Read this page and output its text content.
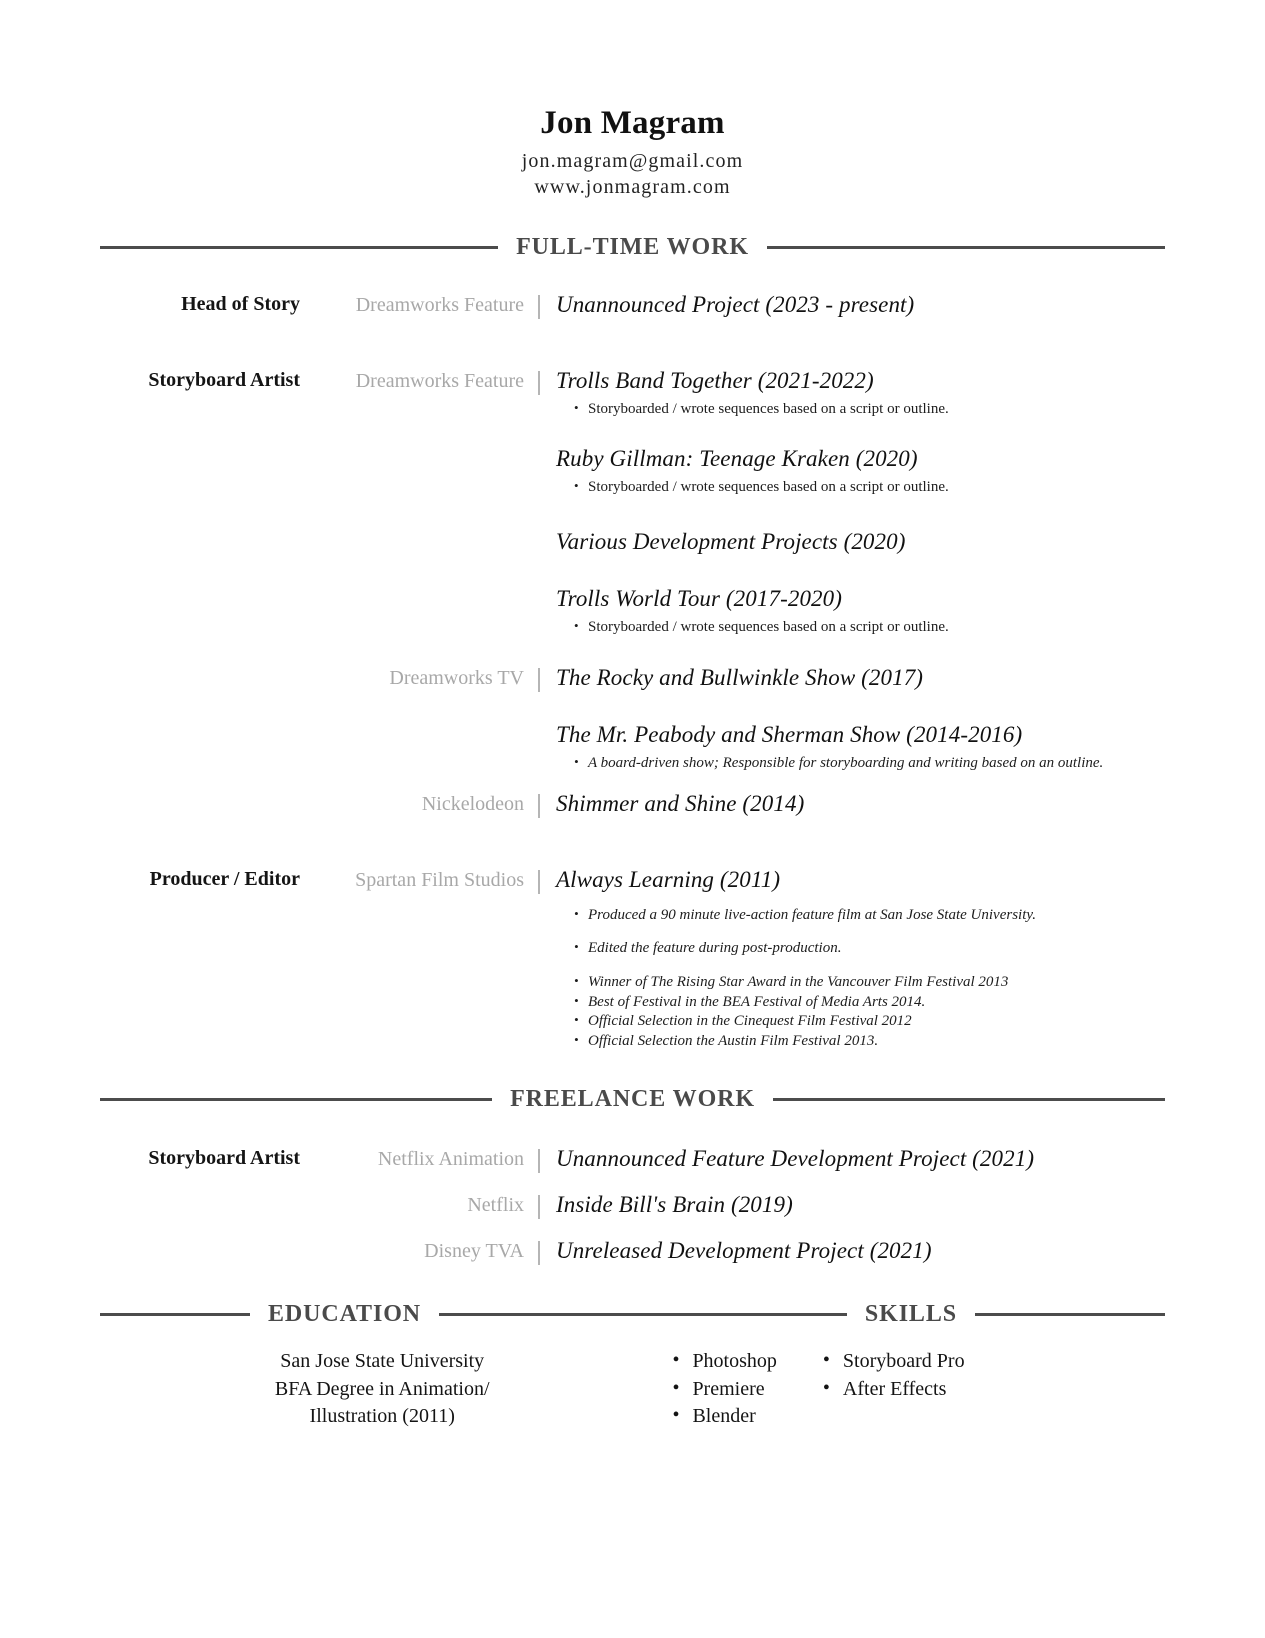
Jon Magram
jon.magram@gmail.com
www.jonmagram.com
FULL-TIME WORK
Head of Story	Dreamworks Feature	Unannounced Project (2023 - present)
Storyboard Artist	Dreamworks Feature	Trolls Band Together (2021-2022)
• Storyboarded / wrote sequences based on a script or outline.
Ruby Gillman: Teenage Kraken (2020)
• Storyboarded / wrote sequences based on a script or outline.
Various Development Projects (2020)
Trolls World Tour (2017-2020)
• Storyboarded / wrote sequences based on a script or outline.
Dreamworks TV	The Rocky and Bullwinkle Show (2017)
The Mr. Peabody and Sherman Show (2014-2016)
• A board-driven show; Responsible for storyboarding and writing based on an outline.
Nickelodeon	Shimmer and Shine (2014)
Producer / Editor	Spartan Film Studios	Always Learning (2011)
• Produced a 90 minute live-action feature film at San Jose State University.
• Edited the feature during post-production.
• Winner of The Rising Star Award in the Vancouver Film Festival 2013
• Best of Festival in the BEA Festival of Media Arts 2014.
• Official Selection in the Cinequest Film Festival 2012
• Official Selection the Austin Film Festival 2013.
FREELANCE WORK
Storyboard Artist	Netflix Animation	Unannounced Feature Development Project (2021)
Netflix	Inside Bill's Brain (2019)
Disney TVA	Unreleased Development Project (2021)
EDUCATION	SKILLS
San Jose State University
BFA Degree in Animation/
Illustration (2011)
• Photoshop
• Premiere
• Blender
• Storyboard Pro
• After Effects
